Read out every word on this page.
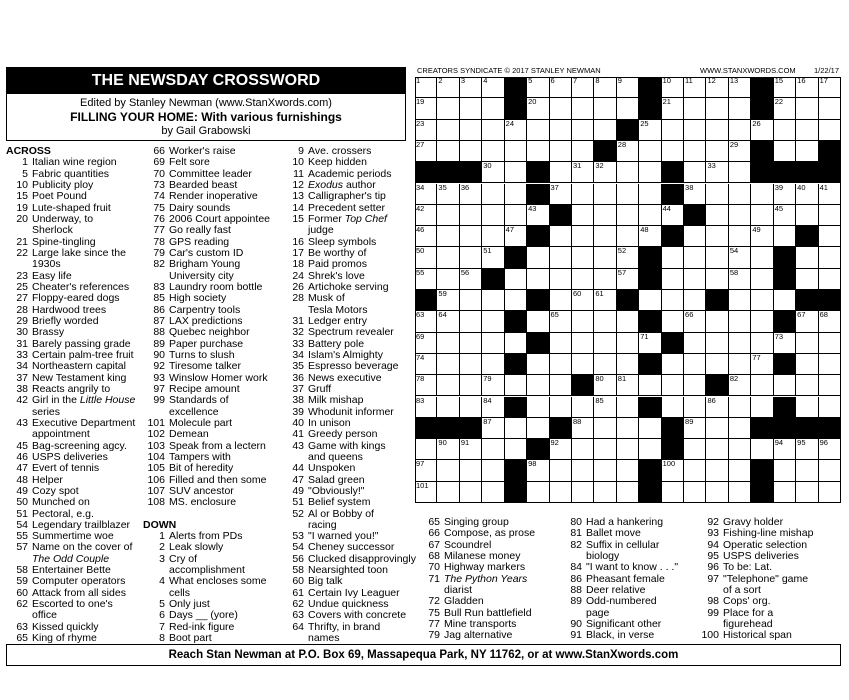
THE NEWSDAY CROSSWORD
Edited by Stanley Newman (www.StanXwords.com)
FILLING YOUR HOME: With various furnishings
by Gail Grabowski
CREATORS SYNDICATE © 2017 STANLEY NEWMAN	WWW.STANXWORDS.COM 1/22/17
ACROSS
1 Italian wine region
5 Fabric quantities
10 Publicity ploy
15 Poet Pound
19 Lute-shaped fruit
20 Underway, to
Sherlock
21 Spine-tingling
22 Large lake since the
1930s
23 Easy life
25 Cheater's references
27 Floppy-eared dogs
28 Hardwood trees
29 Briefly worded
30 Brassy
31 Barely passing grade
33 Certain palm-tree fruit
34 Northeastern capital
37 New Testament king
38 Reacts angrily to
42 Girl in the Little House
series
43 Executive Department
appointment
45 Bag-screening agcy.
46 USPS deliveries
47 Evert of tennis
48 Helper
49 Cozy spot
50 Munched on
51 Pectoral, e.g.
54 Legendary trailblazer
55 Summertime woe
57 Name on the cover of
The Odd Couple
58 Entertainer Bette
59 Computer operators
60 Attack from all sides
62 Escorted to one's
office
63 Kissed quickly
65 King of rhyme
66 Worker's raise
69 Felt sore
70 Committee leader
73 Bearded beast
74 Render inoperative
75 Dairy sounds
76 2006 Court appointee
77 Go really fast
78 GPS reading
79 Car's custom ID
82 Brigham Young
University city
83 Laundry room bottle
85 High society
86 Carpentry tools
87 LAX predictions
88 Quebec neighbor
89 Paper purchase
90 Turns to slush
92 Tiresome talker
93 Winslow Homer work
97 Recipe amount
99 Standards of
excellence
101 Molecule part
102 Demean
103 Speak from a lectern
104 Tampers with
105 Bit of heredity
106 Filled and then some
107 SUV ancestor
108 MS. enclosure

DOWN
1 Alerts from PDs
2 Leak slowly
3 Cry of
accomplishment
4 What encloses some
cells
5 Only just
6 Days __ (yore)
7 Red-ink figure
8 Boot part
9 Ave. crossers
10 Keep hidden
11 Academic periods
12 Exodus author
13 Calligrapher's tip
14 Precedent setter
15 Former Top Chef
judge
16 Sleep symbols
17 Be worthy of
18 Paid promos
24 Shrek's love
26 Artichoke serving
28 Musk of
Tesla Motors
31 Ledger entry
32 Spectrum revealer
33 Battery pole
34 Islam's Almighty
35 Espresso beverage
36 News executive
37 Gruff
38 Milk mishap
39 Whodunit informer
40 In unison
41 Greedy person
43 Game with kings
and queens
44 Unspoken
47 Salad green
49 "Obviously!"
51 Belief system
52 Al or Bobby of
racing
53 "I warned you!"
54 Cheney successor
56 Clucked disapprovingly
58 Nearsighted toon
60 Big talk
61 Certain Ivy Leaguer
62 Undue quickness
63 Covers with concrete
64 Thrifty, in brand
names
65 Singing group
66 Compose, as prose
67 Scoundrel
68 Milanese money
70 Highway markers
71 The Python Years
diarist
72 Gladden
75 Bull Run battlefield
77 Mine transports
79 Jag alternative
80 Had a hankering
81 Ballet move
82 Suffix in cellular
biology
84 "I want to know . . ."
86 Pheasant female
88 Deer relative
89 Odd-numbered
page
90 Significant other
91 Black, in verse
92 Gravy holder
93 Fishing-line mishap
94 Operatic selection
95 USPS deliveries
96 To be: Lat.
97 "Telephone" game
of a sort
98 Cops' org.
99 Place for a
figurehead
100 Historical span
1 2 3 4	5 6 7 8 9	10 11 12 13	15 16 17
19	20	21	22
23	24	25	26
27	28	29
30	31 32	33
34 35 36	37	38	39 40 41
42	43	44	45
46	47	48	49
50	51	52	54
55	56	57	58
59	60 61
63 64	65	66	67 68
69	71	73
74	77
78	79	80 81	82
83	84	85	86
87	88	89
90 91	92	94 95 96
97	98	100
101
Reach Stan Newman at P.O. Box 69, Massapequa Park, NY 11762, or at www.StanXwords.com
